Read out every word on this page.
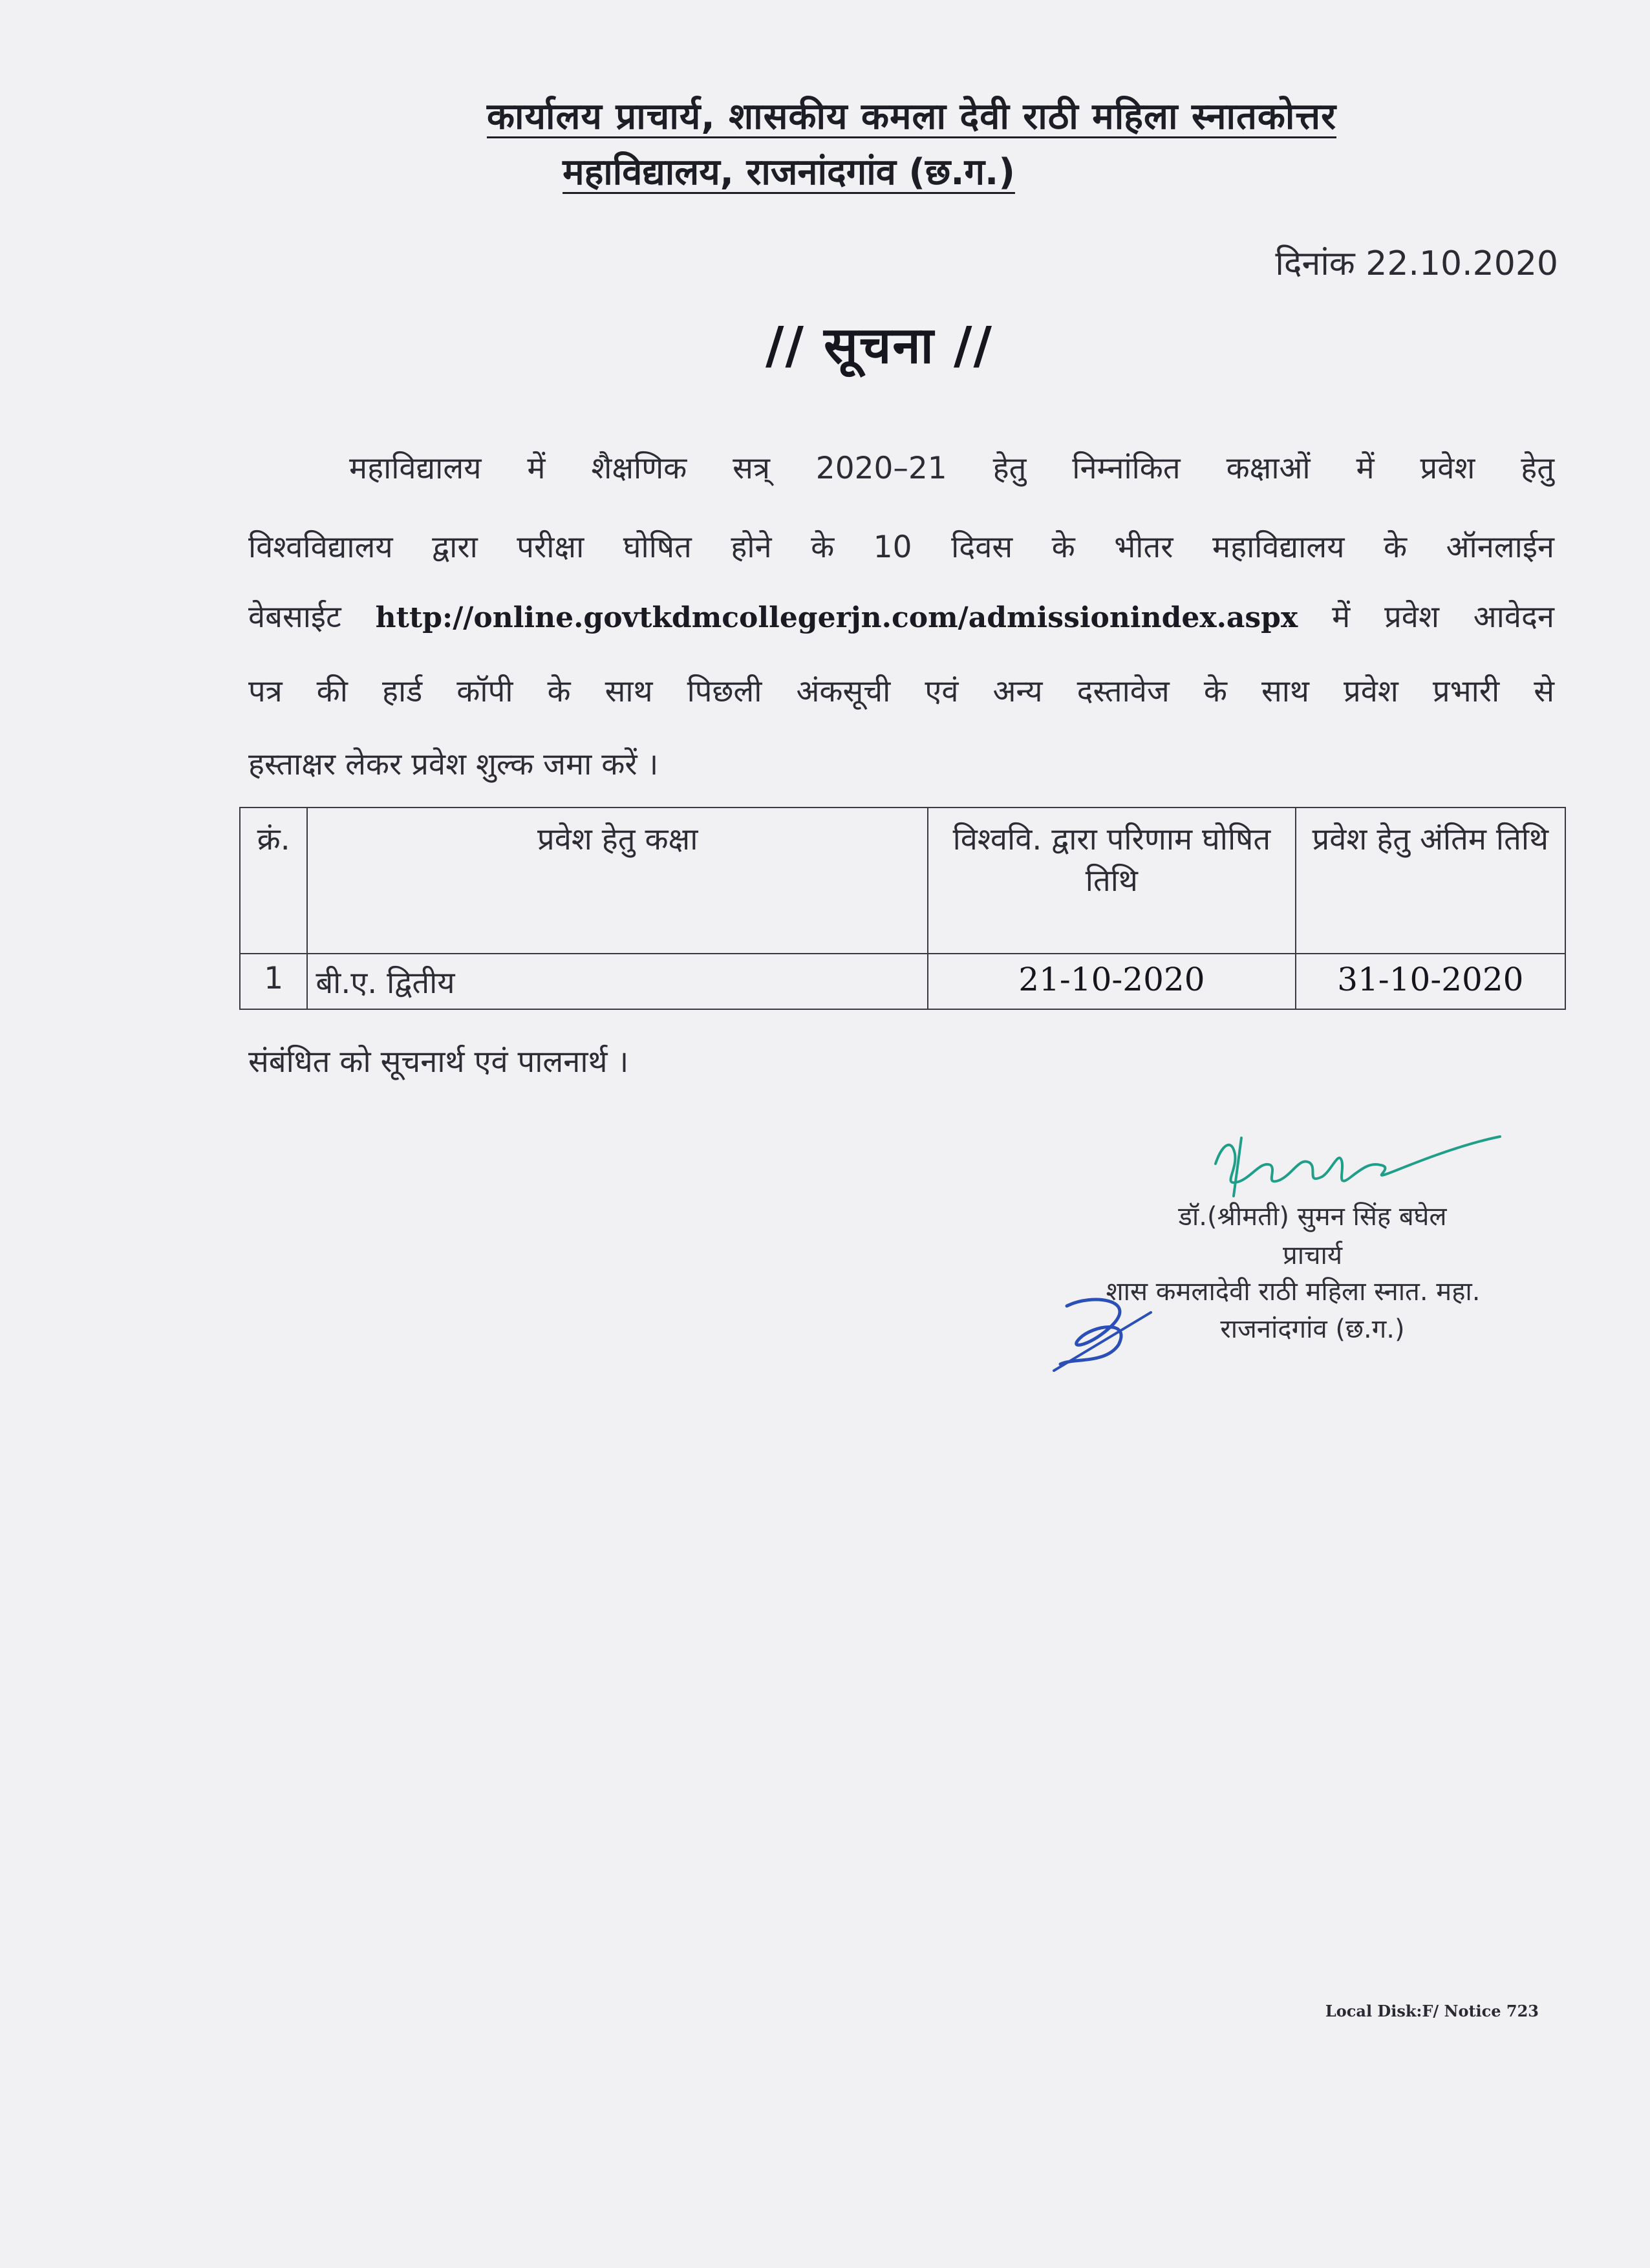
कार्यालय प्राचार्य, शासकीय कमला देवी राठी महिला स्नातकोत्तर
महाविद्यालय, राजनांदगांव (छ.ग.)
दिनांक 22.10.2020
// सूचना //
महाविद्यालय में शैक्षणिक सत्र् 2020–21 हेतु निम्नांकित कक्षाओं में प्रवेश हेतु
विश्वविद्यालय द्वारा परीक्षा घोषित होने के 10 दिवस के भीतर महाविद्यालय के ऑनलाईन
वेबसाईट http://online.govtkdmcollegerjn.com/admissionindex.aspx में प्रवेश आवेदन
पत्र की हार्ड कॉपी के साथ पिछली अंकसूची एवं अन्य दस्तावेज के साथ प्रवेश प्रभारी से
हस्ताक्षर लेकर प्रवेश शुल्क जमा करें ।
क्रं.	प्रवेश हेतु कक्षा	विश्ववि. द्वारा परिणाम घोषित तिथि	प्रवेश हेतु अंतिम तिथि
1	बी.ए. द्वितीय	21-10-2020	31-10-2020
संबंधित को सूचनार्थ एवं पालनार्थ ।
डॉ.(श्रीमती) सुमन सिंह बघेल
प्राचार्य
शास कमलादेवी राठी महिला स्नात. महा.
राजनांदगांव (छ.ग.)
Local Disk:F/ Notice 723
